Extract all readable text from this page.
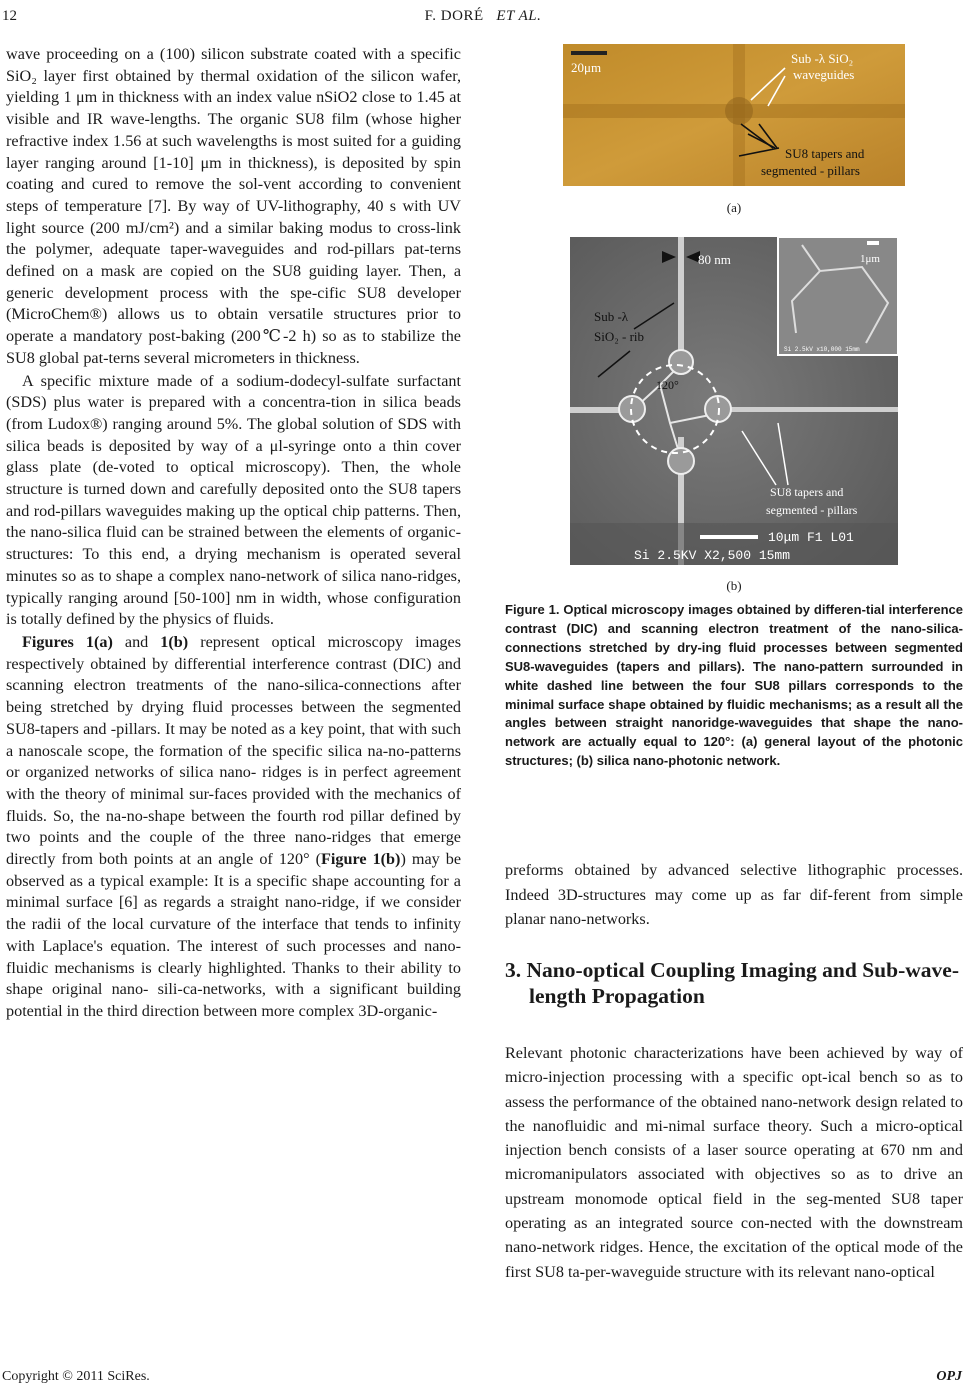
12	F. DORÉ ET AL.

wave proceeding on a (100) silicon substrate coated with a specific SiO₂ layer first obtained by thermal oxidation of the silicon wafer, yielding 1 μm in thickness with an index value nSiO2 close to 1.45 at visible and IR wave-lengths. The organic SU8 film (whose higher refractive index 1.56 at such wavelengths is most suited for a guiding layer ranging around [1-10] μm in thickness), is deposited by spin coating and cured to remove the sol-vent according to convenient steps of temperature [7]. By way of UV-lithography, 40 s with UV light source (200 mJ/cm²) and a similar baking modus to cross-link the polymer, adequate taper-waveguides and rod-pillars pat-terns defined on a mask are copied on the SU8 guiding layer. Then, a generic development process with the spe-cific SU8 developer (MicroChem®) allows us to obtain versatile structures prior to operate a mandatory post-baking (200℃-2 h) so as to stabilize the SU8 global pat-terns several micrometers in thickness.

A specific mixture made of a sodium-dodecyl-sulfate surfactant (SDS) plus water is prepared with a concentra-tion in silica beads (from Ludox®) ranging around 5%. The global solution of SDS with silica beads is deposited by way of a μl-syringe onto a thin cover glass plate (de-voted to optical microscopy). Then, the whole structure is turned down and carefully deposited onto the SU8 tapers and rod-pillars waveguides making up the optical chip patterns. Then, the nano-silica fluid can be strained between the elements of organic-structures: To this end, a drying mechanism is operated several minutes so as to shape a complex nano-network of silica nano-ridges, typically ranging around [50-100] nm in width, whose configuration is totally defined by the physics of fluids.

Figures 1(a) and 1(b) represent optical microscopy images respectively obtained by differential interference contrast (DIC) and scanning electron treatments of the nano-silica-connections after being stretched by drying fluid processes between the segmented SU8-tapers and -pillars. It may be noted as a key point, that with such a nanoscale scope, the formation of the specific silica na-no-patterns or organized networks of silica nano- ridges is in perfect agreement with the theory of minimal sur-faces provided with the mechanics of fluids. So, the na-no-shape between the fourth rod pillar defined by two points and the couple of the three nano-ridges that emerge directly from both points at an angle of 120° (Figure 1(b)) may be observed as a typical example: It is a specific shape accounting for a minimal surface [6] as regards a straight nano-ridge, if we consider the radii of the local curvature of the interface that tends to infinity with Laplace's equation. The interest of such processes and nano-fluidic mechanisms is clearly highlighted. Thanks to their ability to shape original nano- sili-ca-networks, with a significant building potential in the third direction between more complex 3D-organic-

20μm
Sub -λ SiO₂
waveguides
SU8 tapers and
segmented - pillars
(a)
80 nm
Sub -λ
SiO₂ - rib
120°
1μm
Si 2.5kV x10,000 15mm
SU8 tapers and
segmented - pillars
10μm F1 L01
Si 2.5KV X2,500 15mm
(b)
Figure 1. Optical microscopy images obtained by differen-tial interference contrast (DIC) and scanning electron treatment of the nano-silica-connections stretched by dry-ing fluid processes between segmented SU8-waveguides (tapers and pillars). The nano-pattern surrounded in white dashed line between the four SU8 pillars corresponds to the minimal surface shape obtained by fluidic mechanisms; as a result all the angles between straight nanoridge-waveguides that shape the nano-network are actually equal to 120°: (a) general layout of the photonic structures; (b) silica nano-photonic network.
preforms obtained by advanced selective lithographic processes. Indeed 3D-structures may come up as far dif-ferent from simple planar nano-networks.
3. Nano-optical Coupling Imaging and Sub-wave-length Propagation
Relevant photonic characterizations have been achieved by way of micro-injection processing with a specific opt-ical bench so as to assess the performance of the obtained nano-network design related to the nanofluidic and mi-nimal surface theory. Such a micro-optical injection bench consists of a laser source operating at 670 nm and micromanipulators associated with objectives so as to drive an upstream monomode optical field in the seg-mented SU8 taper operating as an integrated source con-nected with the downstream nano-network ridges. Hence, the excitation of the optical mode of the first SU8 ta-per-waveguide structure with its relevant nano-optical
Copyright © 2011 SciRes.	OPJ
